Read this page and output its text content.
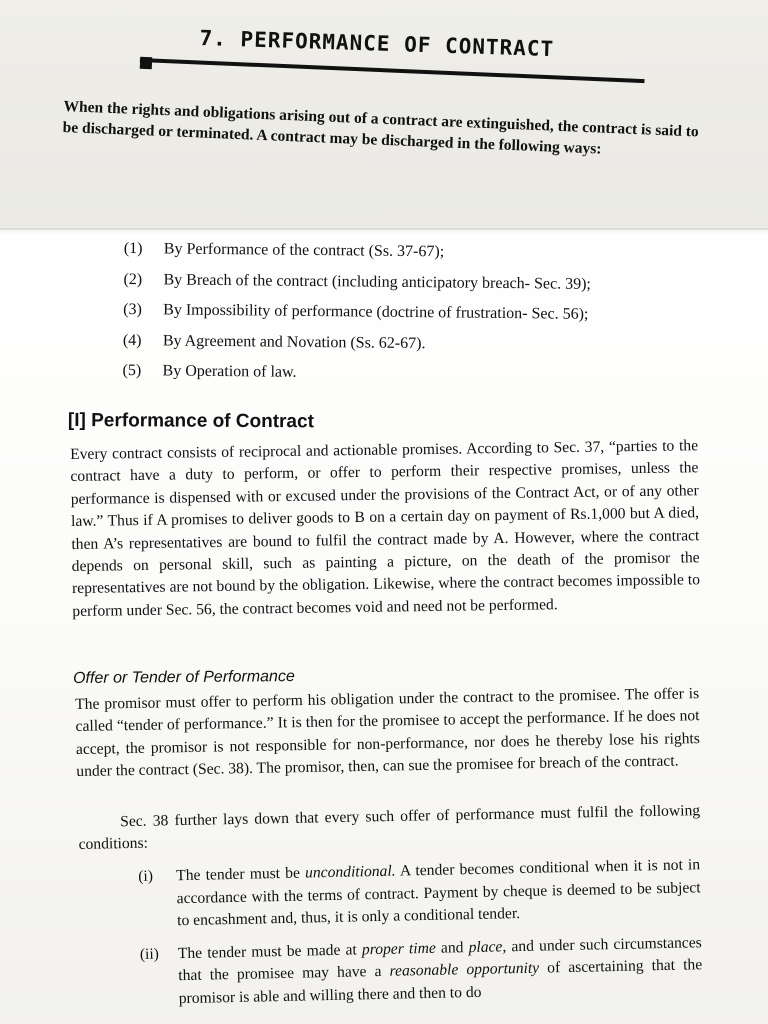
7. PERFORMANCE OF CONTRACT

When the rights and obligations arising out of a contract are extinguished, the contract is said to be discharged or terminated. A contract may be discharged in the following ways:

(1) By Performance of the contract (Ss. 37-67);
(2) By Breach of the contract (including anticipatory breach- Sec. 39);
(3) By Impossibility of performance (doctrine of frustration- Sec. 56);
(4) By Agreement and Novation (Ss. 62-67).
(5) By Operation of law.
[I] Performance of Contract

Every contract consists of reciprocal and actionable promises. According to Sec. 37, “parties to the contract have a duty to perform, or offer to perform their respective promises, unless the performance is dispensed with or excused under the provisions of the Contract Act, or of any other law.” Thus if A promises to deliver goods to B on a certain day on payment of Rs.1,000 but A died, then A’s representatives are bound to fulfil the contract made by A. However, where the contract depends on personal skill, such as painting a picture, on the death of the promisor the representatives are not bound by the obligation. Likewise, where the contract becomes impossible to perform under Sec. 56, the contract becomes void and need not be performed.

Offer or Tender of Performance

The promisor must offer to perform his obligation under the contract to the promisee. The offer is called “tender of performance.” It is then for the promisee to accept the performance. If he does not accept, the promisor is not responsible for non-performance, nor does he thereby lose his rights under the contract (Sec. 38). The promisor, then, can sue the promisee for breach of the contract.

Sec. 38 further lays down that every such offer of performance must fulfil the following conditions:

(i)	The tender must be unconditional. A tender becomes conditional when it is not in accordance with the terms of contract. Payment by cheque is deemed to be subject to encashment and, thus, it is only a conditional tender.
(ii)	The tender must be made at proper time and place, and under such circumstances that the promisee may have a reasonable opportunity of ascertaining that the promisor is able and willing there and then to do
